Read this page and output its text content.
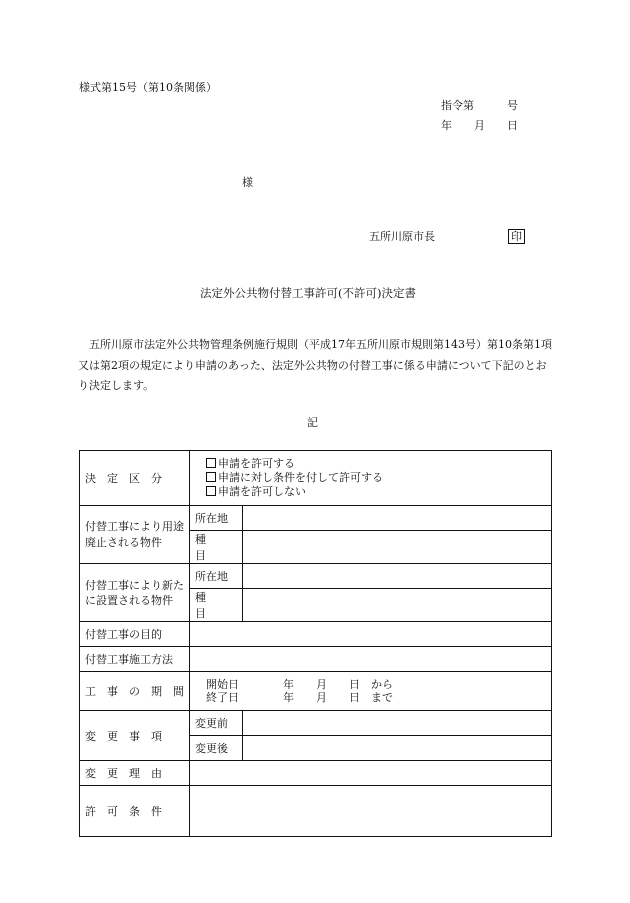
様式第15号（第10条関係）
指令第　　　号
年　　月　　日
様
五所川原市長	印
法定外公共物付替工事許可(不許可)決定書
五所川原市法定外公共物管理条例施行規則（平成17年五所川原市規則第143号）第10条第1項又は第2項の規定により申請のあった、法定外公共物の付替工事に係る申請について下記のとおり決定します。
記
決　定　区　分	申請を許可する
申請に対し条件を付して許可する
申請を許可しない	

付替工事により用途廃止される物件	所在地	
	種　　目	
付替工事により新たに設置される物件	所在地	
	種　　目	
付替工事の目的		
付替工事施工方法		
工　事　の　期　間	開始日　　　　年　　月　　日　から
終了日　　　　年　　月　　日　まで	

変　更　事　項	変更前	
	変更後	
変　更　理　由		
許　可　条　件		
